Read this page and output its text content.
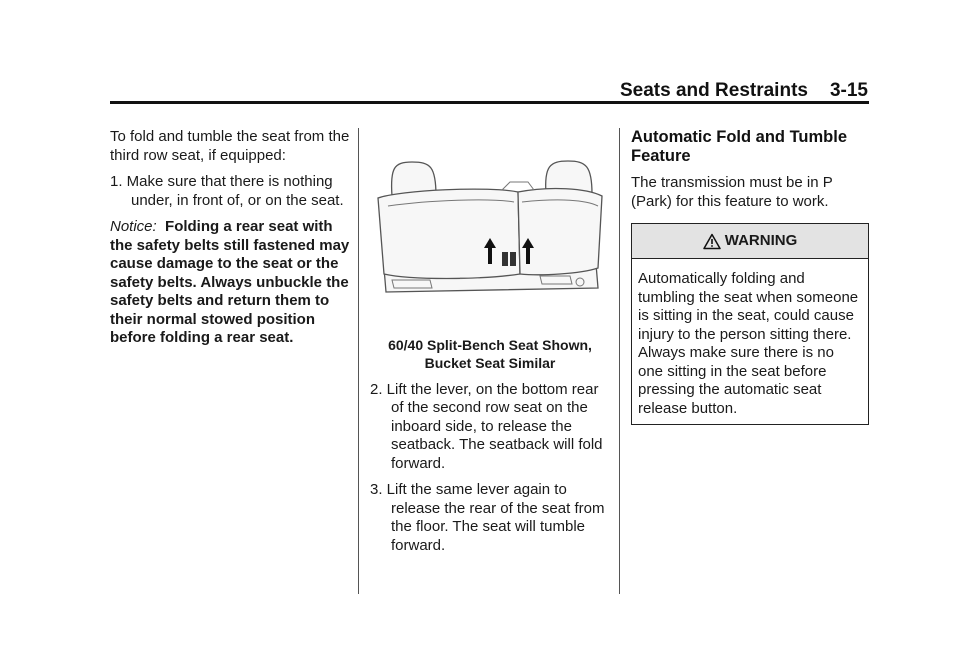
Seats and Restraints 3-15

To fold and tumble the seat from the third row seat, if equipped:

1. Make sure that there is nothing under, in front of, or on the seat.

Notice: Folding a rear seat with the safety belts still fastened may cause damage to the seat or the safety belts. Always unbuckle the safety belts and return them to their normal stowed position before folding a rear seat.	60/40 Split-Bench Seat Shown, Bucket Seat Similar

2. Lift the lever, on the bottom rear of the second row seat on the inboard side, to release the seatback. The seatback will fold forward.

3. Lift the same lever again to release the rear of the seat from the floor. The seat will tumble forward.

Automatic Fold and Tumble Feature

The transmission must be in P (Park) for this feature to work.

WARNING
Automatically folding and tumbling the seat when someone is sitting in the seat, could cause injury to the person sitting there. Always make sure there is no one sitting in the seat before pressing the automatic seat release button.
